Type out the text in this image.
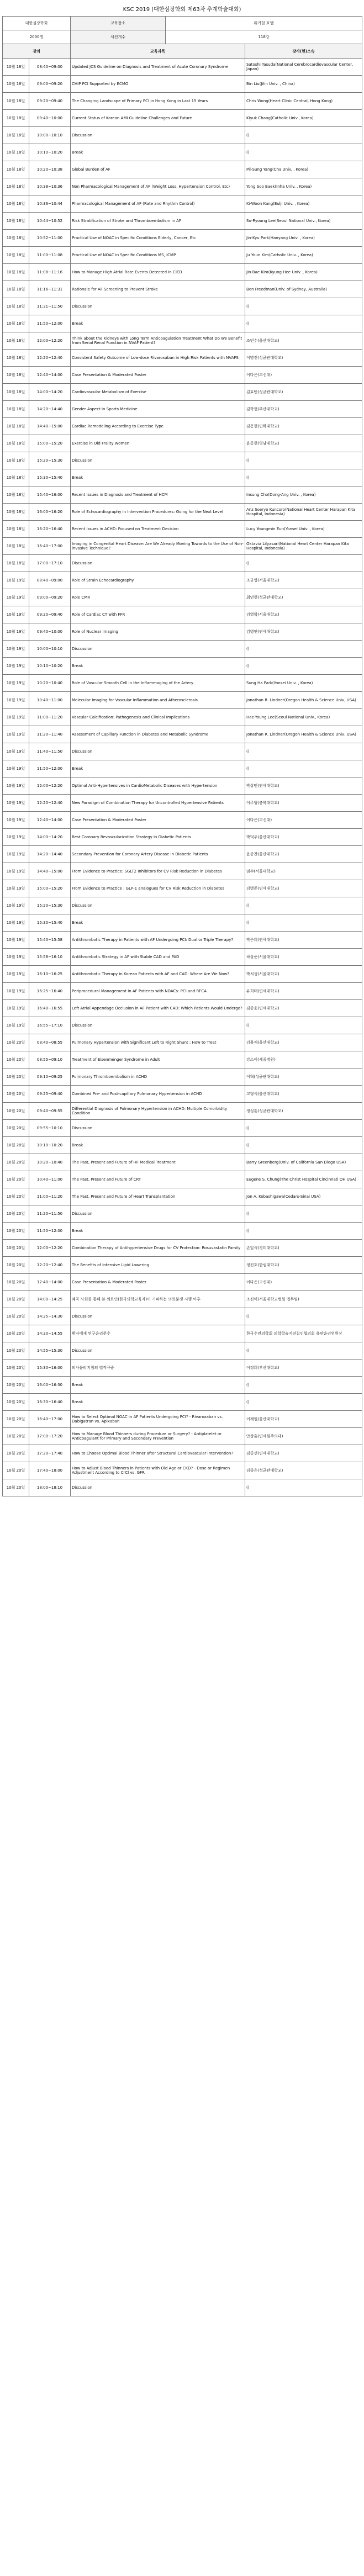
KSC 2019 (대한심장학회 제63차 추계학술대회)
대한심장학회		교육장소	워커힐 호텔	
2000명		세션개수	118강	
강의		교육과목		강사(현)소속
10월 18일	08:40~09:00	Updated JCS Guideline on Diagnosis and Treatment of Acute Coronary Syndrome		Satoshi Yasuda(National Cerebrocardiovascular Center, Japan)
10월 18일	09:00~09:20	CHIP PCI Supported by ECMO		Bin Liu(Jilin Univ. , China)
10월 18일	09:20~09:40	The Changing Landscape of Primary PCI in Hong Kong in Last 15 Years		Chris Wong(Heart Clinic Central, Hong Kong)
10월 18일	09:40~10:00	Current Status of Korean AMI Guideline Challenges and Future		Kiyuk Chang(Catholic Univ., Korea)
10월 18일	10:00~10:10	Discussion		()
10월 18일	10:10~10:20	Break		()
10월 18일	10:20~10:38	Global Burden of AF		Pil-Sung Yang(Cha Univ. , Korea)
10월 18일	10:38~10:36	Non Pharmacological Management of AF (Weight Loss, Hypertension Control, Etc)		Yong Soo Baek(Inha Univ. , Korea)
10월 18일	10:36~10:44	Pharmacological Management of AF (Rate and Rhythm Control)		Ki-Woon Kang(Eulji Univ. , Korea)
10월 18일	10:44~10:52	Risk Stratification of Stroke and Thromboembolism in AF		So-Ryoung Lee(Seoul National Univ., Korea)
10월 18일	10:52~11:00	Practical Use of NOAC in Specific Conditions Elderly, Cancer, Etc		Jin-Kyu Park(Hanyang Univ. , Korea)
10월 18일	11:00~11:08	Practical Use of NOAC in Specific Conditions MS, ICMP		Ju Youn Kim(Catholic Univ. , Korea)
10월 18일	11:08~11:16	How to Manage High Atrial Rate Events Detected in CIED		Jin-Bae Kim(Kyung Hee Univ. , Korea)
10월 18일	11:16~11:31	Rationale for AF Screening to Prevent Stroke		Ben Freedman(Univ. of Sydney, Australia)
10월 18일	11:31~11:50	Discussion		()
10월 18일	11:50~12:00	Break		()
10월 18일	12:00~12:20	Think about the Kidneys with Long Term Anticoagulation Treatment What Do We Benefit from Serial Renal Function in NVAF Patient?		조민수(울산대학교)
10월 18일	12:20~12:40	Consistent Safety Outcome of Low-dose Rivaroxaban in High Risk Patients with NVAFS		이명진(성균관대학교)
10월 18일	12:40~14:00	Case Presentation & Moderated Poster		이다은(고신대)
10월 18일	14:00~14:20	Cardiovascular Metabolism of Exercise		김효빈(성균관대학교)
10월 18일	14:20~14:40	Gender Aspect in Sports Medicine		김학현(부산대학교)
10월 18일	14:40~15:00	Cardiac Remodeling According to Exercise Type		김동현(인하대학교)
10월 18일	15:00~15:20	Exercise in Old Frailty Women		윤동현(영남대학교)
10월 18일	15:20~15:30	Discussion		()
10월 18일	15:30~15:40	Break		()
10월 18일	15:40~16:00	Recent Issues in Diagnosis and Treatment of HCM		Insung Cho(Dong-Ang Univ. , Korea)
10월 18일	16:00~16:20	Role of Echocardiography in Intervention Procedures: Going for the Next Level		Anz Soeryo Kuncoro(National Heart Center Harapan Kita Hospital, Indonesia)
10월 18일	16:20~16:40	Recent Issues in ACHD: Focused on Treatment Decision		Lucy Youngmin Eun(Yonsei Univ. , Korea)
10월 18일	16:40~17:00	Imaging in Congenital Heart Disease: Are We Already Moving Towards to the Use of Non-invasive Technique?		Oktavia Lilyasari(National Heart Center Harapan Kita Hospital, Indonesia)
10월 18일	17:00~17:10	Discussion		()
10월 19일	08:40~09:00	Role of Strain Echocardiography		조규영(서울대학교)
10월 19일	09:00~09:20	Role CMR		최연현(성균관대학교)
10월 19일	09:20~09:40	Role of Cardiac CT with FFR		김영학(서울대학교)
10월 19일	09:40~10:00	Role of Nuclear Imaging		김병연(연세대학교)
10월 19일	10:00~10:10	Discussion		()
10월 19일	10:10~10:20	Break		()
10월 19일	10:20~10:40	Role of Vascular Smooth Cell in the Inflammaging of the Artery		Sung Ha Park(Yonsei Univ. , Korea)
10월 19일	10:40~11:00	Molecular Imaging for Vascular Inflammation and Atherosclerosis		Jonathan R. Lindner(Oregon Health & Science Univ, USA)
10월 19일	11:00~11:20	Vascular Calcification: Pathogenesis and Clinical Implications		Hae-Young Lee(Seoul National Univ., Korea)
10월 19일	11:20~11:40	Assessment of Capillary Function in Diabetes and Metabolic Syndrome		Jonathan R. Lindner(Oregon Health & Science Univ, USA)
10월 19일	11:40~11:50	Discussion		()
10월 19일	11:50~12:00	Break		()
10월 19일	12:00~12:20	Optimal Anti-Hypertensives in CardioMetabolic Diseases with Hypertension		박상민(연세대학교)
10월 19일	12:20~12:40	New Paradigm of Combination Therapy for Uncontrolled Hypertensive Patients		이주형(충북대학교)
10월 19일	12:40~14:00	Case Presentation & Moderated Poster		이다은(고신대)
10월 19일	14:00~14:20	Best Coronary Revascularization Strategy in Diabetic Patients		박덕우(울산대학교)
10월 19일	14:20~14:40	Secondary Prevention for Coronary Artery Disease in Diabetic Patients		윤종찬(울산대학교)
10월 19일	14:40~15:00	From Evidence to Practice: SGLT2 Inhibitors for CV Risk Reduction in Diabetes		임수(서울대학교)
10월 19일	15:00~15:20	From Evidence to Practice : GLP-1 analogues for CV Risk Reduction in Diabetes		김병준(연세대학교)
10월 19일	15:20~15:30	Discussion		()
10월 19일	15:30~15:40	Break		()
10월 19일	15:40~15:58	Antithrombotic Therapy in Patients with AF Undergoing PCI: Dual or Triple Therapy?		박은희(연세대학교)
10월 19일	15:58~16:10	Antithrombotic Strategy in AF with Stable CAD and PAD		하상준(서울대학교)
10월 19일	16:10~16:25	Antithrombotic Therapy in Korean Patients with AF and CAD: Where Are We Now?		박치성(서울대학교)
10월 19일	16:25~16:40	Periprocedural Management in AF Patients with NOACs: PCI and RFCA		유희태(연세대학교)
10월 19일	16:40~16:55	Left Atrial Appendage Occlusion in AF Patient with CAD: Which Patients Would Undergo?		김종윤(연세대학교)
10월 19일	16:55~17:10	Discussion		()
10월 20일	08:40~08:55	Pulmonary Hypertension with Significant Left to Right Shunt : How to Treat		김용재(울산대학교)
10월 20일	08:55~09:10	Treatment of Eisenmenger Syndrome in Adult		강소이(세종병원)
10월 20일	09:10~09:25	Pulmonary Thromboembolism in ACHD		이혁(성균관대학교)
10월 20일	09:25~09:40	Combined Pre- and Post-capillary Pulmonary Hypertension in ACHD		고형석(울산대학교)
10월 20일	09:40~09:55	Differential Diagnosis of Pulmonary Hypertension in ACHD: Multiple Comorbidity Condition		정성훈(성균관대학교)
10월 20일	09:55~10:10	Discussion		()
10월 20일	10:10~10:20	Break		()
10월 20일	10:20~10:40	The Past, Present and Future of HF Medical Treatment		Barry Greenberg(Univ. of California San Diego USA)
10월 20일	10:40~11:00	The Past, Present and Future of CRT		Eugene S. Chung(The Christ Hospital Cincinnati OH USA)
10월 20일	11:00~11:20	The Past, Present and Future of Heart Transplantation		Jon A. Kobashigawa(Cedars-Sinai USA)
10월 20일	11:20~11:50	Discussion		()
10월 20일	11:50~12:00	Break		()
10월 20일	12:00~12:20	Combination Therapy of Antihypertensive Drugs for CV Protection: Rosuvastatin Family		손일석(경희대학교)
10월 20일	12:20~12:40	The Benefits of Intensive Lipid Lowering		정진호(한림대학교)
10월 20일	12:40~14:00	Case Presentation & Moderated Poster		이다은(고신대)
10월 20일	14:00~14:25	왜곡 사회를 통해 본 의료인(한국의학교육자)이 기피하는 의료분쟁 시행 이후		조진이(서울대학교병원 법무팀)
10월 20일	14:25~14:30	Discussion		()
10월 20일	14:30~14:55	환자에게 연구윤리준수		한국수련의학회 의학학술지편집인협의회 출판윤리위원장
10월 20일	14:55~15:30	Discussion		()
10월 20일	15:30~16:00	의사윤리지침의 법적규준		이정희(부산대학교)
10월 20일	16:00~16:30	Break		()
10월 20일	16:30~16:40	Break		()
10월 20일	16:40~17:00	How to Select Optimal NOAC in AF Patients Undergoing PCI? - Rivaroxaban vs. Dabigatran vs. Apixaban		이재원(울산대학교)
10월 20일	17:00~17:20	How to Manage Blood Thinners during Procedure or Surgery? - Antiplatelet or Anticoagulant for Primary and Secondary Prevention		안상훈(연세원주의대)
10월 20일	17:20~17:40	How to Choose Optimal Blood Thinner after Structural Cardiovascular Intervention?		김중선(연세대학교)
10월 20일	17:40~18:00	How to Adjust Blood Thinners in Patients with Old Age or CKD? - Dose or Regimen Adjustment According to CrCl vs. GFR		김종은(성균관대학교)
10월 20일	18:00~18:10	Discussion		()
